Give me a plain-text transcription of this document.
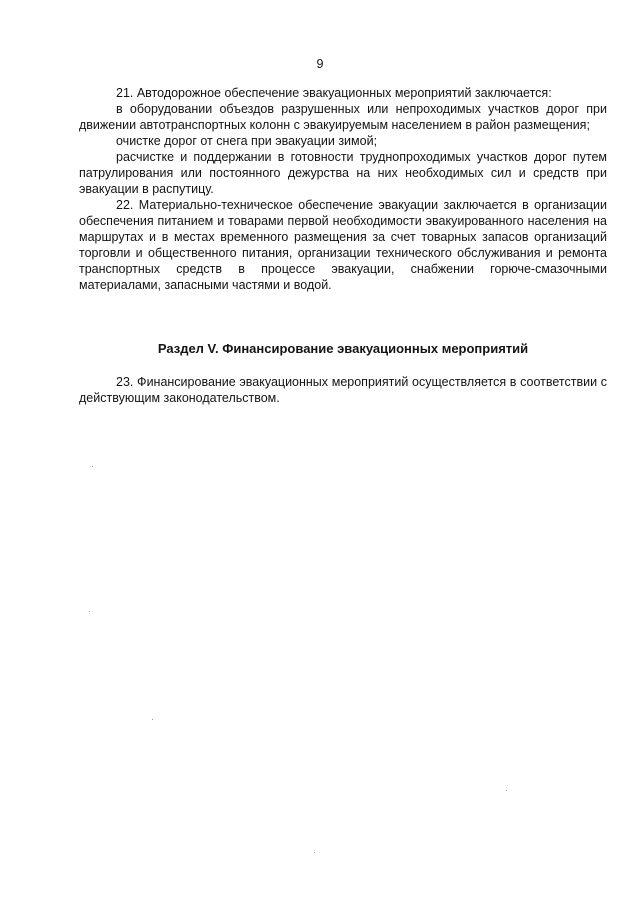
9

21. Автодорожное обеспечение эвакуационных мероприятий заключается:

в оборудовании объездов разрушенных или непроходимых участков дорог при движении автотранспортных колонн с эвакуируемым населением в район размещения;

очистке дорог от снега при эвакуации зимой;

расчистке и поддержании в готовности труднопроходимых участков дорог путем патрулирования или постоянного дежурства на них необходимых сил и средств при эвакуации в распутицу.

22. Материально-техническое обеспечение эвакуации заключается в организации обеспечения питанием и товарами первой необходимости эвакуированного населения на маршрутах и в местах временного размещения за счет товарных запасов организаций торговли и общественного питания, организации технического обслуживания и ремонта транспортных средств в процессе эвакуации, снабжении горюче-смазочными материалами, запасными частями и водой.

Раздел V. Финансирование эвакуационных мероприятий

23. Финансирование эвакуационных мероприятий осуществляется в соответствии с действующим законодательством.
